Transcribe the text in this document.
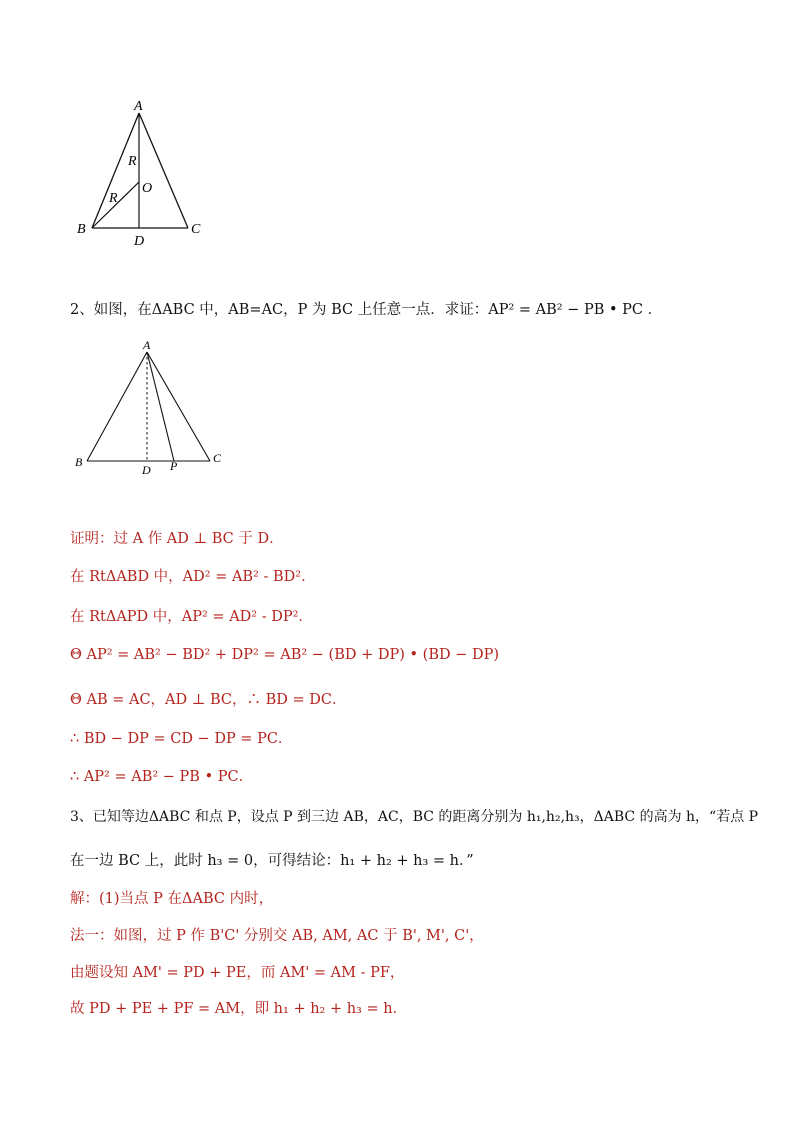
A
B	C
D
O
R
R
2、如图，在ΔABC 中，AB=AC，P 为 BC 上任意一点．求证：AP² = AB² − PB • PC ．
A
B	C
D P
证明：过 A 作 AD ⊥ BC 于 D．
在 RtΔABD 中，AD² = AB² - BD²．
在 RtΔAPD 中，AP² = AD² - DP²．
Θ AP² = AB² − BD² + DP² = AB² − (BD + DP) • (BD − DP)
Θ AB = AC，AD ⊥ BC，∴ BD = DC．
∴ BD − DP = CD − DP = PC．
∴ AP² = AB² − PB • PC．
3、已知等边ΔABC 和点 P，设点 P 到三边 AB，AC，BC 的距离分别为 h₁,h₂,h₃，ΔABC 的高为 h，“若点 P
在一边 BC 上，此时 h₃ = 0，可得结论：h₁ + h₂ + h₃ = h．”
解：(1)当点 P 在ΔABC 内时，
法一：如图，过 P 作 B'C' 分别交 AB, AM, AC 于 B', M', C'，
由题设知 AM' = PD + PE，而 AM' = AM - PF，
故 PD + PE + PF = AM，即 h₁ + h₂ + h₃ = h．
